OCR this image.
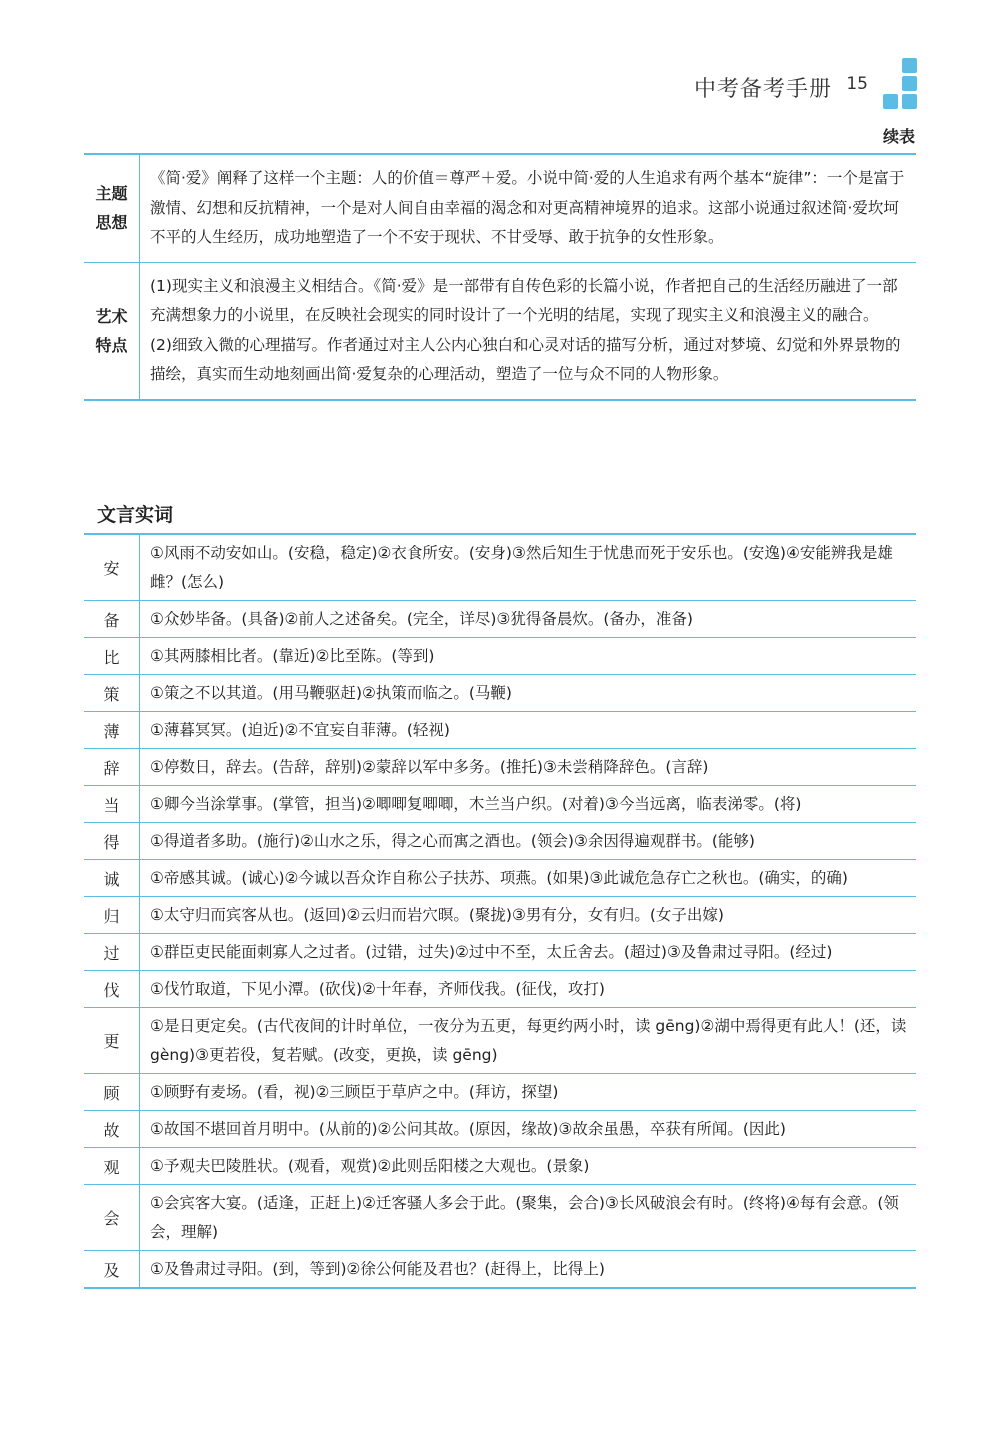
中考备考手册 15
续表
主题
思想	《简·爱》阐释了这样一个主题：人的价值＝尊严＋爱。小说中简·爱的人生追求有两个基本“旋律”：一个是富于激情、幻想和反抗精神，一个是对人间自由幸福的渴念和对更高精神境界的追求。这部小说通过叙述简·爱坎坷不平的人生经历，成功地塑造了一个不安于现状、不甘受辱、敢于抗争的女性形象。

艺术
特点	(1)现实主义和浪漫主义相结合。《简·爱》是一部带有自传色彩的长篇小说，作者把自己的生活经历融进了一部充满想象力的小说里，在反映社会现实的同时设计了一个光明的结尾，实现了现实主义和浪漫主义的融合。
(2)细致入微的心理描写。作者通过对主人公内心独白和心灵对话的描写分析，通过对梦境、幻觉和外界景物的描绘，真实而生动地刻画出简·爱复杂的心理活动，塑造了一位与众不同的人物形象。
文言实词
安	①风雨不动安如山。(安稳，稳定)②衣食所安。(安身)③然后知生于忧患而死于安乐也。(安逸)④安能辨我是雄雌？(怎么)
备	①众妙毕备。(具备)②前人之述备矣。(完全，详尽)③犹得备晨炊。(备办，准备)
比	①其两膝相比者。(靠近)②比至陈。(等到)
策	①策之不以其道。(用马鞭驱赶)②执策而临之。(马鞭)
薄	①薄暮冥冥。(迫近)②不宜妄自菲薄。(轻视)
辞	①停数日，辞去。(告辞，辞别)②蒙辞以军中多务。(推托)③未尝稍降辞色。(言辞)
当	①卿今当涂掌事。(掌管，担当)②唧唧复唧唧，木兰当户织。(对着)③今当远离，临表涕零。(将)
得	①得道者多助。(施行)②山水之乐，得之心而寓之酒也。(领会)③余因得遍观群书。(能够)
诚	①帝感其诚。(诚心)②今诚以吾众诈自称公子扶苏、项燕。(如果)③此诚危急存亡之秋也。(确实，的确)
归	①太守归而宾客从也。(返回)②云归而岩穴暝。(聚拢)③男有分，女有归。(女子出嫁)
过	①群臣吏民能面刺寡人之过者。(过错，过失)②过中不至，太丘舍去。(超过)③及鲁肃过寻阳。(经过)
伐	①伐竹取道，下见小潭。(砍伐)②十年春，齐师伐我。(征伐，攻打)
更	①是日更定矣。(古代夜间的计时单位，一夜分为五更，每更约两小时，读 gēng)②湖中焉得更有此人！(还，读 gèng)③更若役，复若赋。(改变，更换，读 gēng)
顾	①顾野有麦场。(看，视)②三顾臣于草庐之中。(拜访，探望)
故	①故国不堪回首月明中。(从前的)②公问其故。(原因，缘故)③故余虽愚，卒获有所闻。(因此)
观	①予观夫巴陵胜状。(观看，观赏)②此则岳阳楼之大观也。(景象)
会	①会宾客大宴。(适逢，正赶上)②迁客骚人多会于此。(聚集，会合)③长风破浪会有时。(终将)④每有会意。(领会，理解)
及	①及鲁肃过寻阳。(到，等到)②徐公何能及君也？(赶得上，比得上)
